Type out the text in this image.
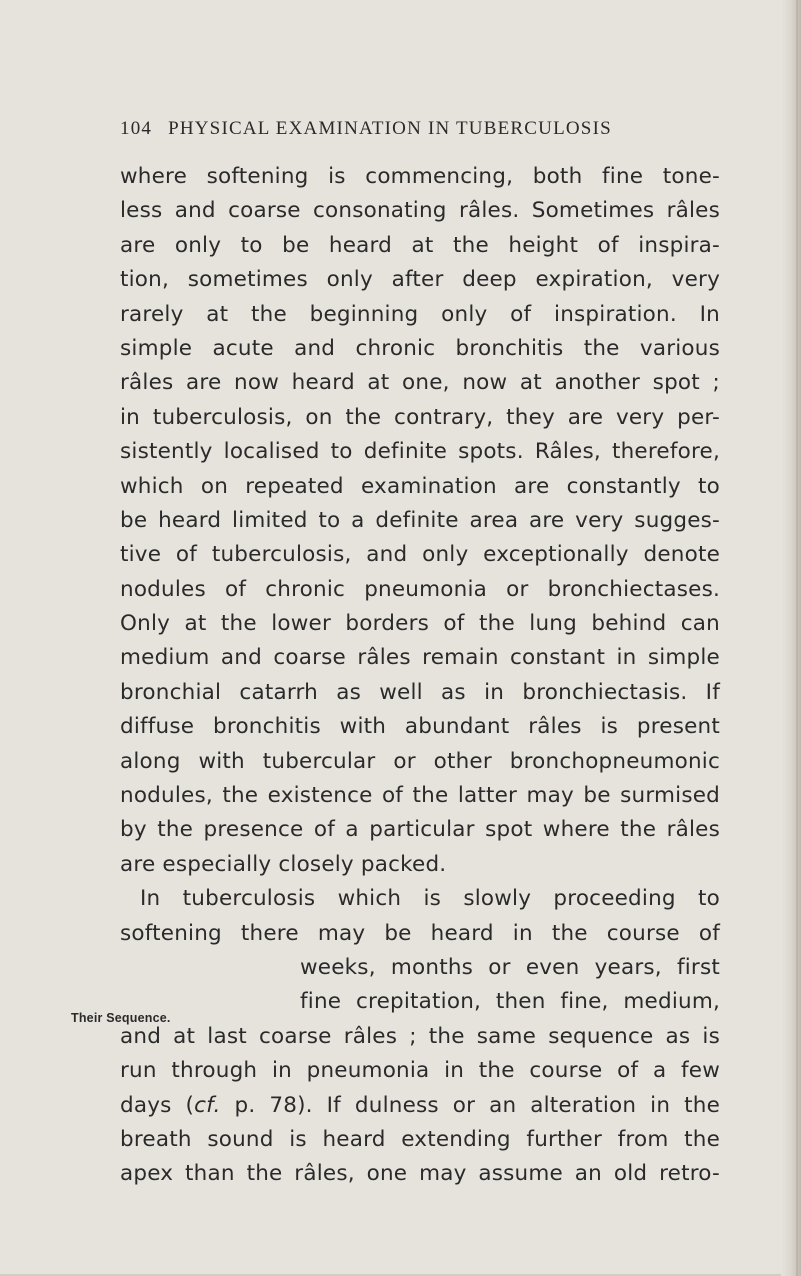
104 PHYSICAL EXAMINATION IN TUBERCULOSIS
Their Sequence.
where softening is commencing, both fine tone-
less and coarse consonating râles. Sometimes râles
are only to be heard at the height of inspira-
tion, sometimes only after deep expiration, very
rarely at the beginning only of inspiration. In
simple acute and chronic bronchitis the various
râles are now heard at one, now at another spot ;
in tuberculosis, on the contrary, they are very per-
sistently localised to definite spots. Râles, therefore,
which on repeated examination are constantly to
be heard limited to a definite area are very sugges-
tive of tuberculosis, and only exceptionally denote
nodules of chronic pneumonia or bronchiectases.
Only at the lower borders of the lung behind can
medium and coarse râles remain constant in simple
bronchial catarrh as well as in bronchiectasis. If
diffuse bronchitis with abundant râles is present
along with tubercular or other bronchopneumonic
nodules, the existence of the latter may be surmised
by the presence of a particular spot where the râles
are especially closely packed.
In tuberculosis which is slowly proceeding to
softening there may be heard in the course of
weeks, months or even years, first
fine crepitation, then fine, medium,
and at last coarse râles ; the same sequence as is
run through in pneumonia in the course of a few
days (cf. p. 78). If dulness or an alteration in the
breath sound is heard extending further from the
apex than the râles, one may assume an old retro-
